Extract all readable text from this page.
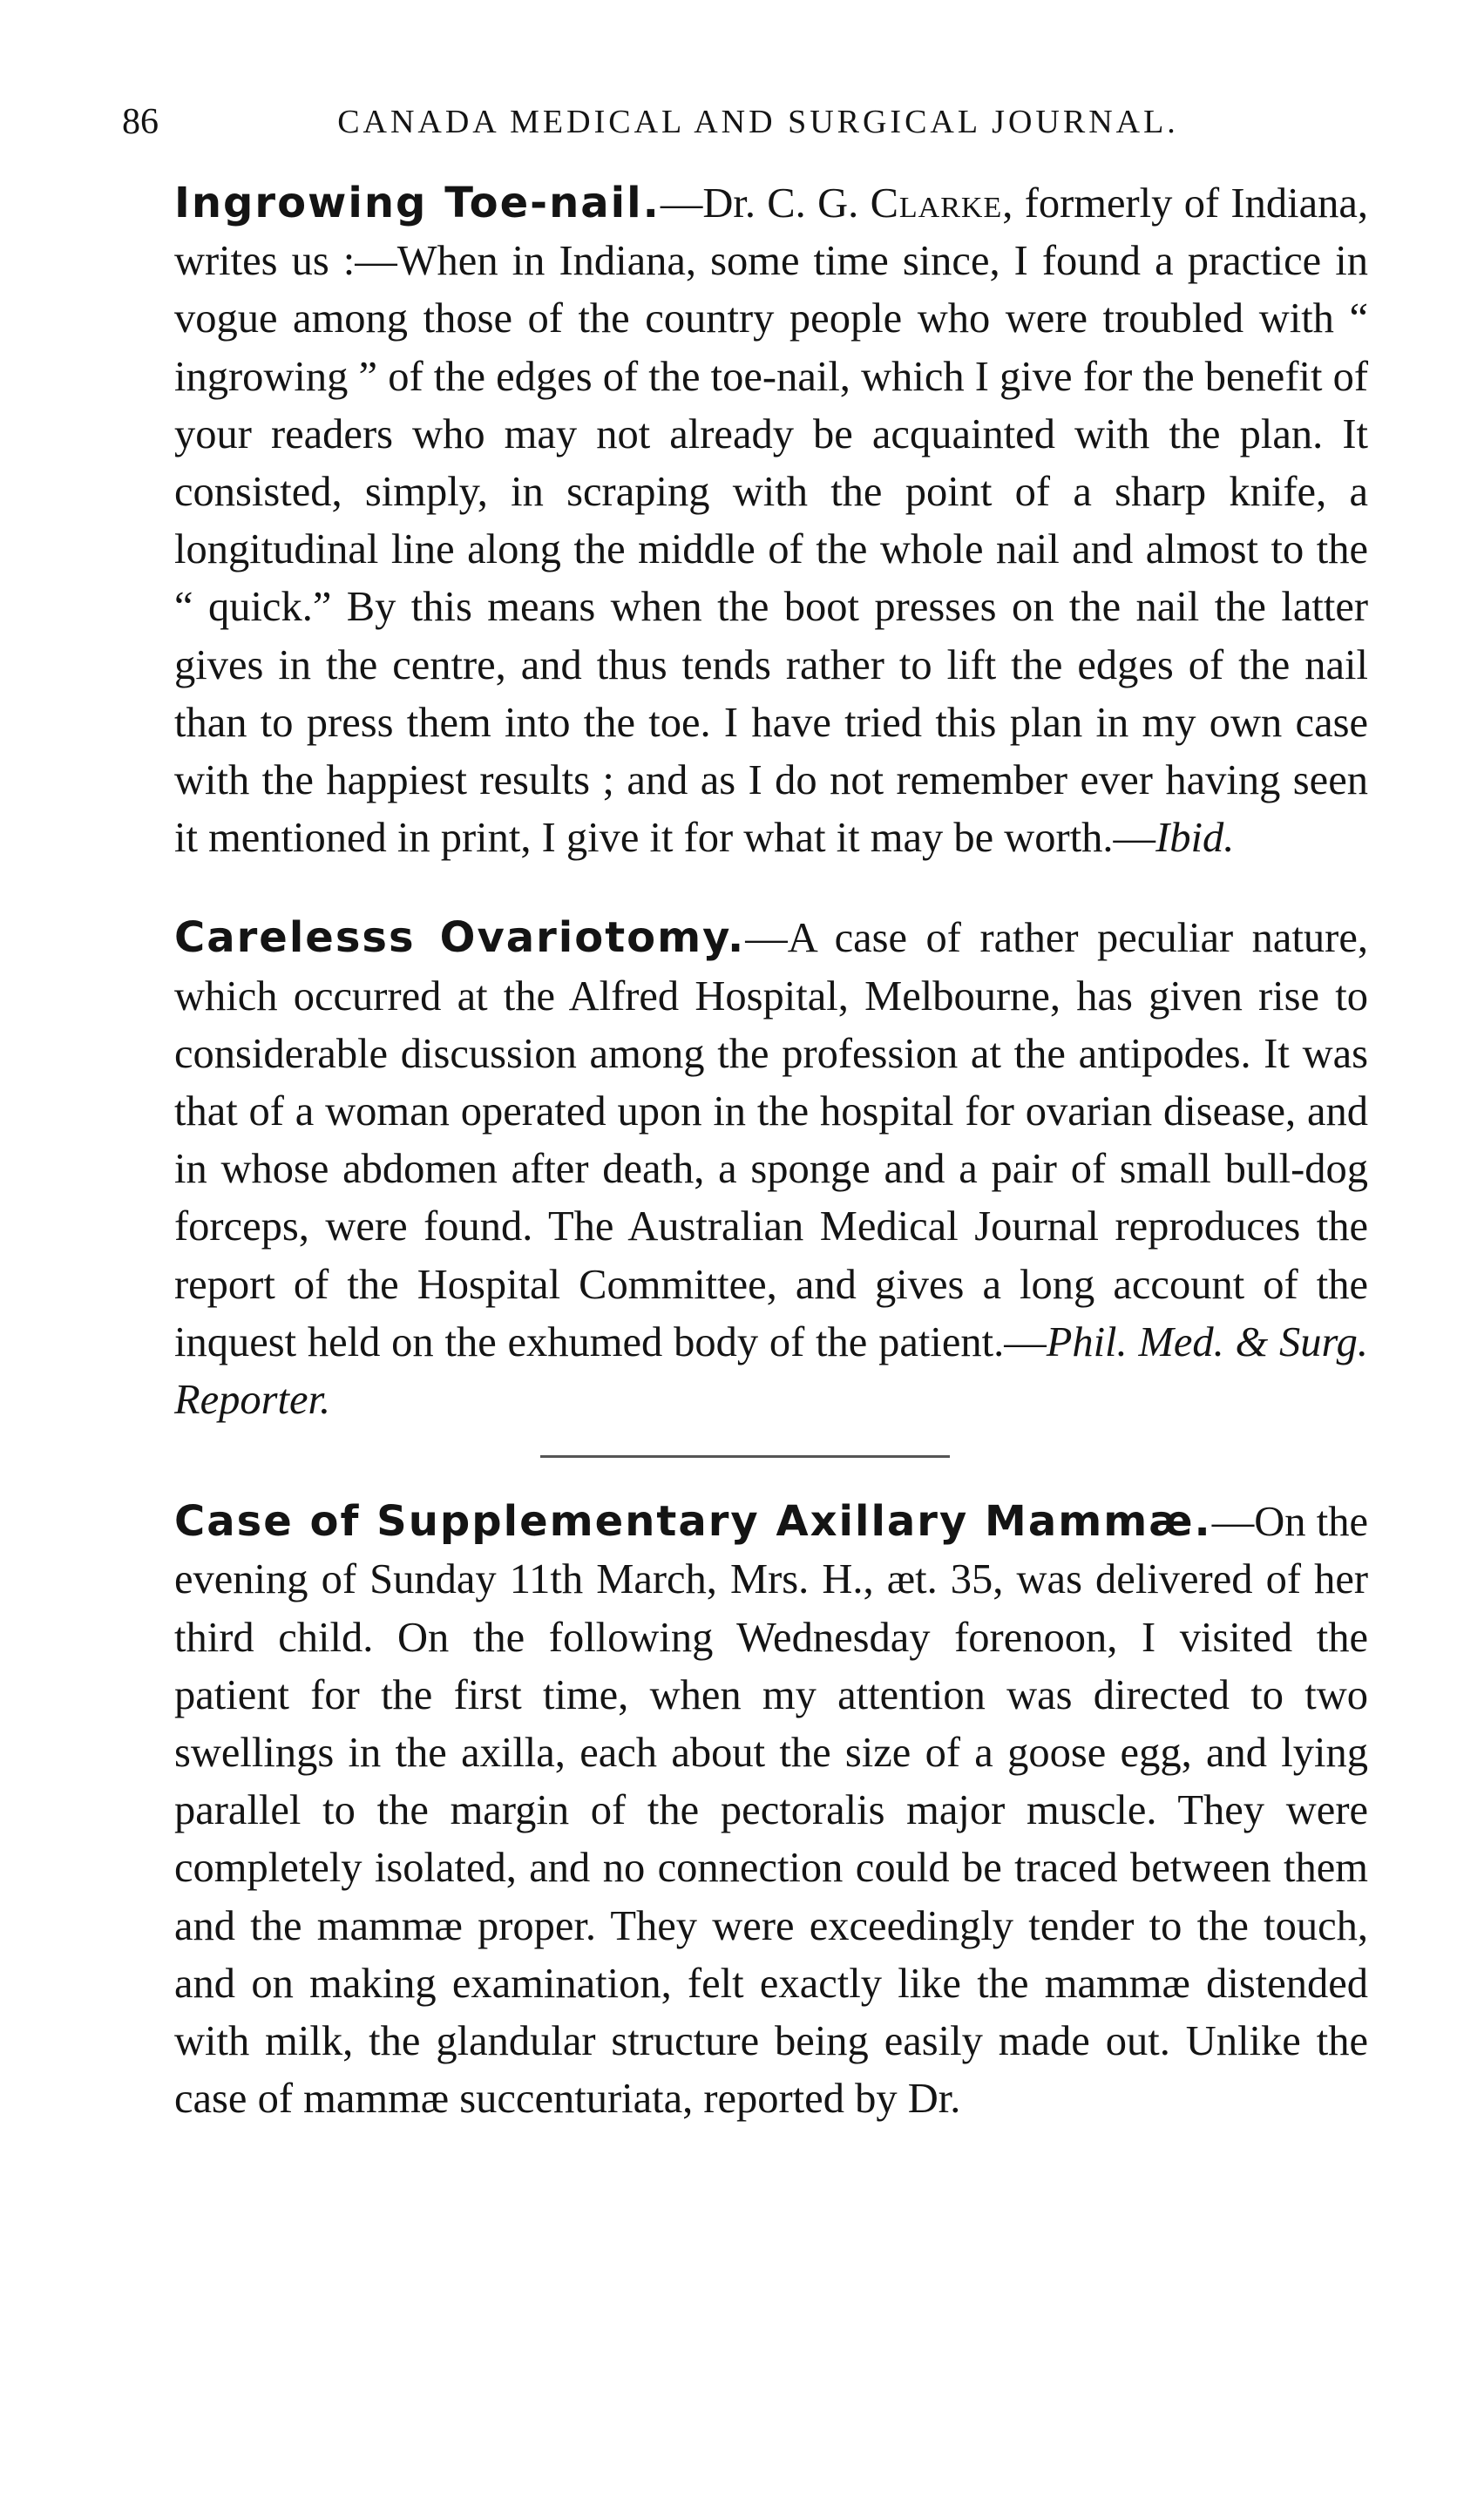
86	CANADA MEDICAL AND SURGICAL JOURNAL.

Ingrowing Toe-nail.—Dr. C. G. Clarke, formerly of Indiana, writes us :—When in Indiana, some time since, I found a practice in vogue among those of the country people who were troubled with “ ingrowing ” of the edges of the toe-nail, which I give for the benefit of your readers who may not already be acquainted with the plan. It consisted, simply, in scraping with the point of a sharp knife, a longitudinal line along the middle of the whole nail and almost to the “ quick.” By this means when the boot presses on the nail the latter gives in the centre, and thus tends rather to lift the edges of the nail than to press them into the toe. I have tried this plan in my own case with the happiest results ; and as I do not remember ever having seen it mentioned in print, I give it for what it may be worth.—Ibid.

Carelesss Ovariotomy.—A case of rather peculiar nature, which occurred at the Alfred Hospital, Melbourne, has given rise to considerable discussion among the profession at the antipodes. It was that of a woman operated upon in the hospital for ovarian disease, and in whose abdomen after death, a sponge and a pair of small bull-dog forceps, were found. The Australian Medical Journal reproduces the report of the Hospital Committee, and gives a long account of the inquest held on the exhumed body of the patient.—Phil. Med. & Surg. Reporter.

Case of Supplementary Axillary Mammæ.—On the evening of Sunday 11th March, Mrs. H., æt. 35, was delivered of her third child. On the following Wednesday forenoon, I visited the patient for the first time, when my attention was directed to two swellings in the axilla, each about the size of a goose egg, and lying parallel to the margin of the pectoralis major muscle. They were completely isolated, and no connection could be traced between them and the mammæ proper. They were exceedingly tender to the touch, and on making examination, felt exactly like the mammæ distended with milk, the glandular structure being easily made out. Unlike the case of mammæ succenturiata, reported by Dr.
